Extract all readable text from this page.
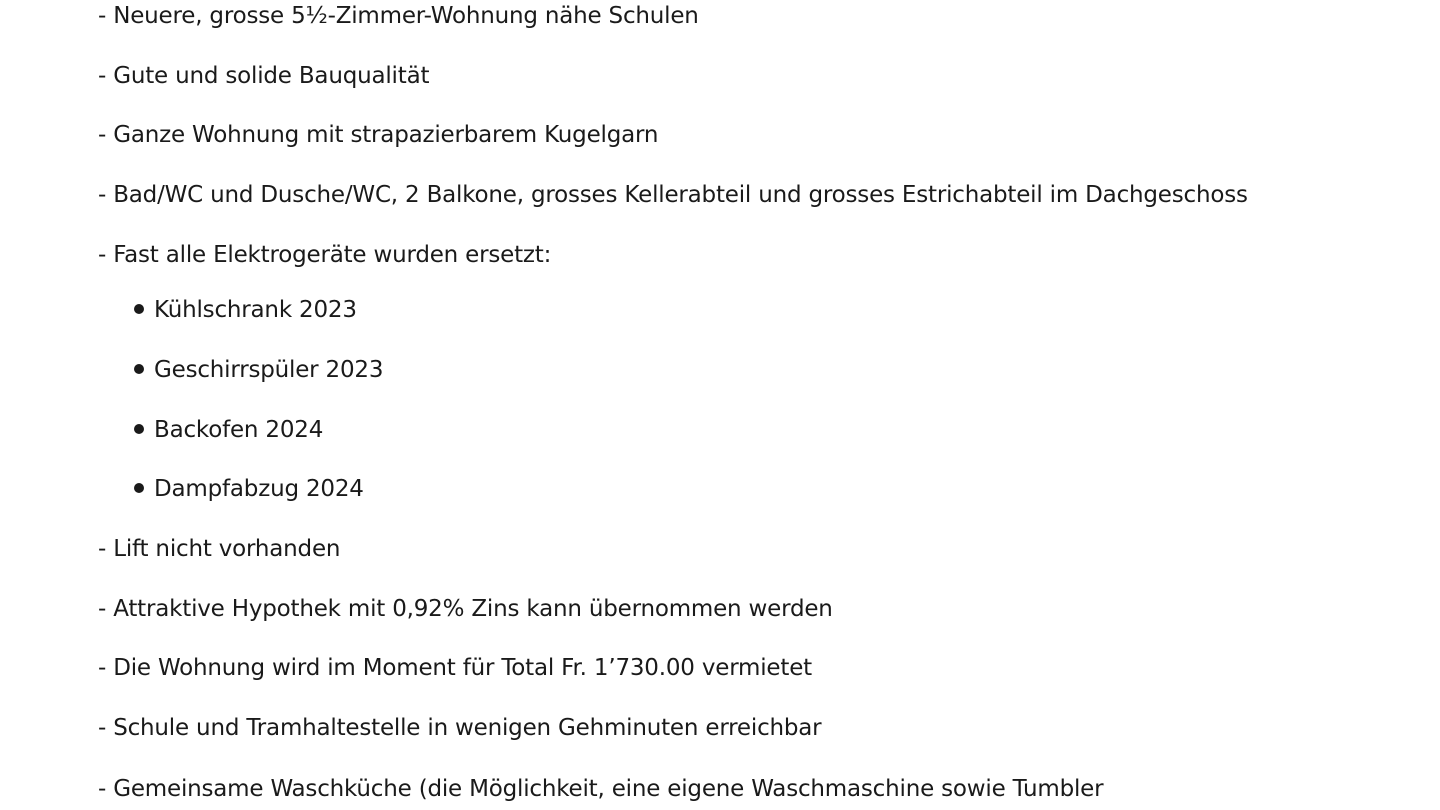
- Neuere, grosse 5½-Zimmer-Wohnung nähe Schulen
- Gute und solide Bauqualität
- Ganze Wohnung mit strapazierbarem Kugelgarn
- Bad/WC und Dusche/WC, 2 Balkone, grosses Kellerabteil und grosses Estrichabteil im Dachgeschoss
- Fast alle Elektrogeräte wurden ersetzt:
Kühlschrank 2023
Geschirrspüler 2023
Backofen 2024
Dampfabzug 2024
- Lift nicht vorhanden
- Attraktive Hypothek mit 0,92% Zins kann übernommen werden
- Die Wohnung wird im Moment für Total Fr. 1’730.00 vermietet
- Schule und Tramhaltestelle in wenigen Gehminuten erreichbar
- Gemeinsame Waschküche (die Möglichkeit, eine eigene Waschmaschine sowie Tumbler
